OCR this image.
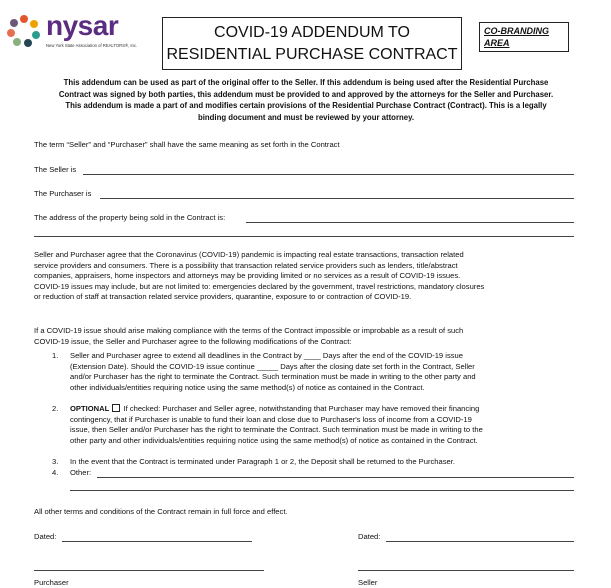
nysar
New York State Association of REALTORS®, Inc.
COVID-19 ADDENDUM TO
RESIDENTIAL PURCHASE CONTRACT
CO-BRANDING
AREA
This addendum can be used as part of the original offer to the Seller. If this addendum is being used after the Residential Purchase
Contract was signed by both parties, this addendum must be provided to and approved by the attorneys for the Seller and Purchaser.
This addendum is made a part of and modifies certain provisions of the Residential Purchase Contract (Contract). This is a legally
binding document and must be reviewed by your attorney.
The term “Seller” and “Purchaser” shall have the same meaning as set forth in the Contract
The Seller is
The Purchaser is
The address of the property being sold in the Contract is:
Seller and Purchaser agree that the Coronavirus (COVID-19) pandemic is impacting real estate transactions, transaction related
service providers and consumers. There is a possibility that transaction related service providers such as lenders, title/abstract
companies, appraisers, home inspectors and attorneys may be providing limited or no services as a result of COVID-19 issues.
COVID-19 issues may include, but are not limited to: emergencies declared by the government, travel restrictions, mandatory closures
or reduction of staff at transaction related service providers, quarantine, exposure to or contraction of COVID-19.
If a COVID-19 issue should arise making compliance with the terms of the Contract impossible or improbable as a result of such
COVID-19 issue, the Seller and Purchaser agree to the following modifications of the Contract:
1. Seller and Purchaser agree to extend all deadlines in the Contract by ____ Days after the end of the COVID-19 issue
(Extension Date). Should the COVID-19 issue continue _____ Days after the closing date set forth in the Contract, Seller
and/or Purchaser has the right to terminate the Contract. Such termination must be made in writing to the other party and
other individuals/entities requiring notice using the same method(s) of notice as contained in the Contract.
2. OPTIONAL If checked: Purchaser and Seller agree, notwithstanding that Purchaser may have removed their financing
contingency, that if Purchaser is unable to fund their loan and close due to Purchaser's loss of income from a COVID-19
issue, then Seller and/or Purchaser has the right to terminate the Contract. Such termination must be made in writing to the
other party and other individuals/entities requiring notice using the same method(s) of notice as contained in the Contract.
3. In the event that the Contract is terminated under Paragraph 1 or 2, the Deposit shall be returned to the Purchaser.
4. Other:
All other terms and conditions of the Contract remain in full force and effect.
Dated:	Dated:
Purchaser	Seller
